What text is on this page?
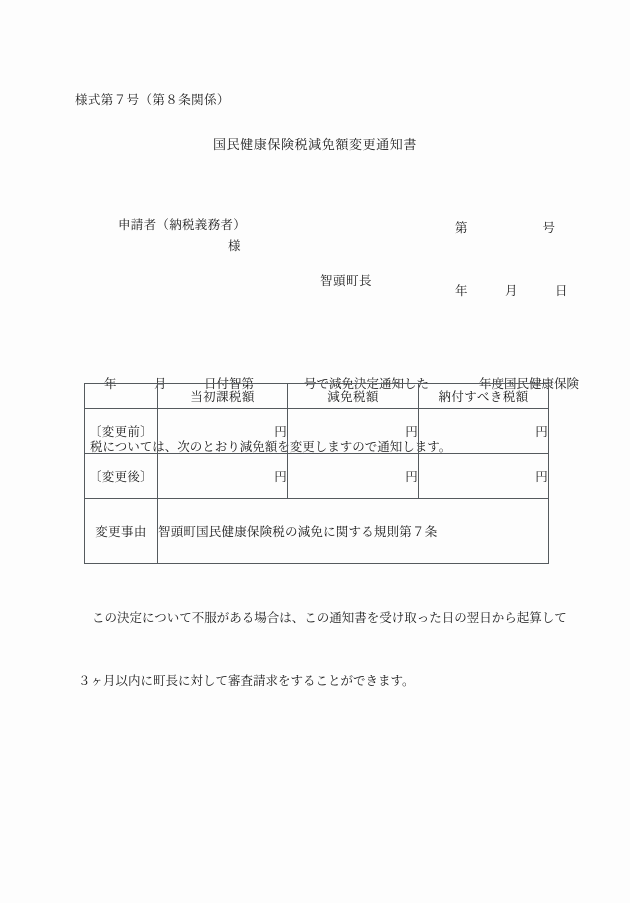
様式第７号（第８条関係）
国民健康保険税減免額変更通知書

第　　　　　　号

年　　　月　　　日

申請者（納税義務者）
様
智頭町長

年　　　月　　　日付智第　　　　号で減免決定通知した　　　　年度国民健康保険

税については、次のとおり減免額を変更しますので通知します。

	当初課税額	減免税額	納付すべき税額
〔変更前〕	円	円	円
〔変更後〕	円	円	円
変更事由	智頭町国民健康保険税の減免に関する規則第７条		

この決定について不服がある場合は、この通知書を受け取った日の翌日から起算して

３ヶ月以内に町長に対して審査請求をすることができます。
